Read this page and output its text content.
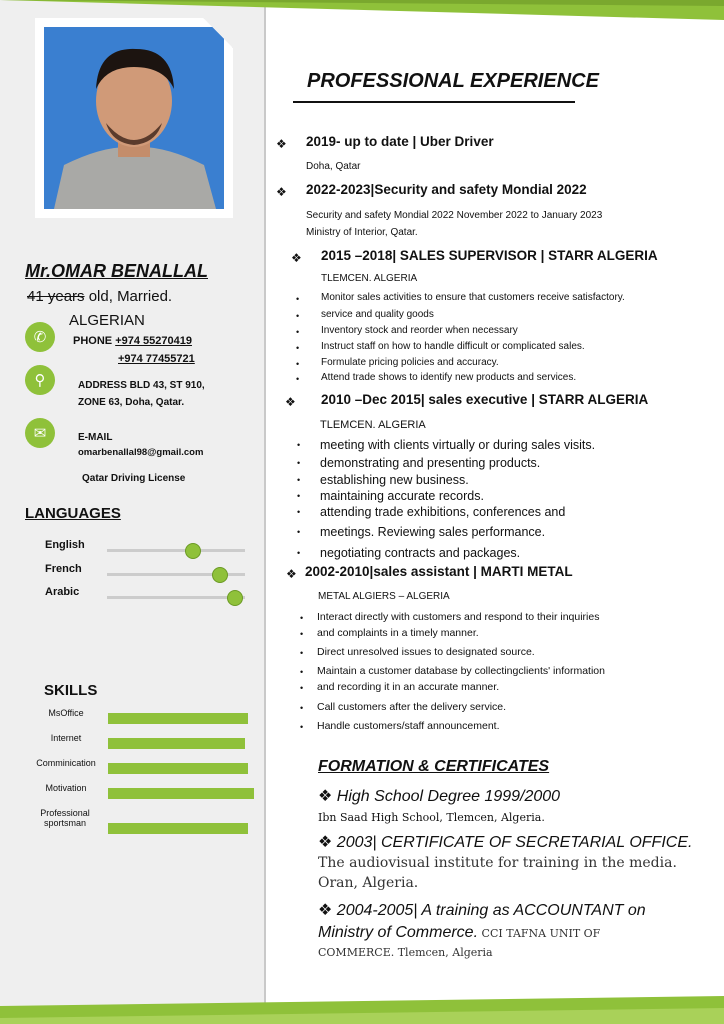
Mr.OMAR BENALLAL
41 years old, Married.
ALGERIAN
✆	PHONE +974 55270419
+974 77455721
⚲	ADDRESS BLD 43, ST 910,
ZONE 63, Doha, Qatar.
✉	E-MAIL
omarbenallal98@gmail.com
Qatar Driving License
LANGUAGES
English
French
Arabic
SKILLS
MsOffice
Internet
Comminication
Motivation
Professional sportsman
PROFESSIONAL EXPERIENCE
❖ 2019- up to date | Uber Driver
Doha, Qatar
❖ 2022-2023|Security and safety Mondial 2022
Security and safety Mondial 2022 November 2022 to January 2023
Ministry of Interior, Qatar.
❖ 2015 –2018| SALES SUPERVISOR | STARR ALGERIA
TLEMCEN. ALGERIA
• Monitor sales activities to ensure that customers receive satisfactory.
• service and quality goods
• Inventory stock and reorder when necessary
• Instruct staff on how to handle difficult or complicated sales.
• Formulate pricing policies and accuracy.
• Attend trade shows to identify new products and services.
❖ 2010 –Dec 2015| sales executive | STARR ALGERIA
TLEMCEN. ALGERIA
• meeting with clients virtually or during sales visits.
• demonstrating and presenting products.
• establishing new business.
• maintaining accurate records.
• attending trade exhibitions, conferences and
• meetings. Reviewing sales performance.
• negotiating contracts and packages.
❖ 2002-2010|sales assistant | MARTI METAL
METAL ALGIERS – ALGERIA
• Interact directly with customers and respond to their inquiries
• and complaints in a timely manner.
• Direct unresolved issues to designated source.
• Maintain a customer database by collectingclients' information
• and recording it in an accurate manner.
• Call customers after the delivery service.
• Handle customers/staff announcement.
FORMATION & CERTIFICATES
❖ High School Degree 1999/2000
Ibn Saad High School, Tlemcen, Algeria.
❖ 2003| CERTIFICATE OF SECRETARIAL OFFICE.
The audiovisual institute for training in the media.
Oran, Algeria.
❖ 2004-2005| A training as ACCOUNTANT on
Ministry of Commerce. CCI TAFNA UNIT OF
COMMERCE. Tlemcen, Algeria
